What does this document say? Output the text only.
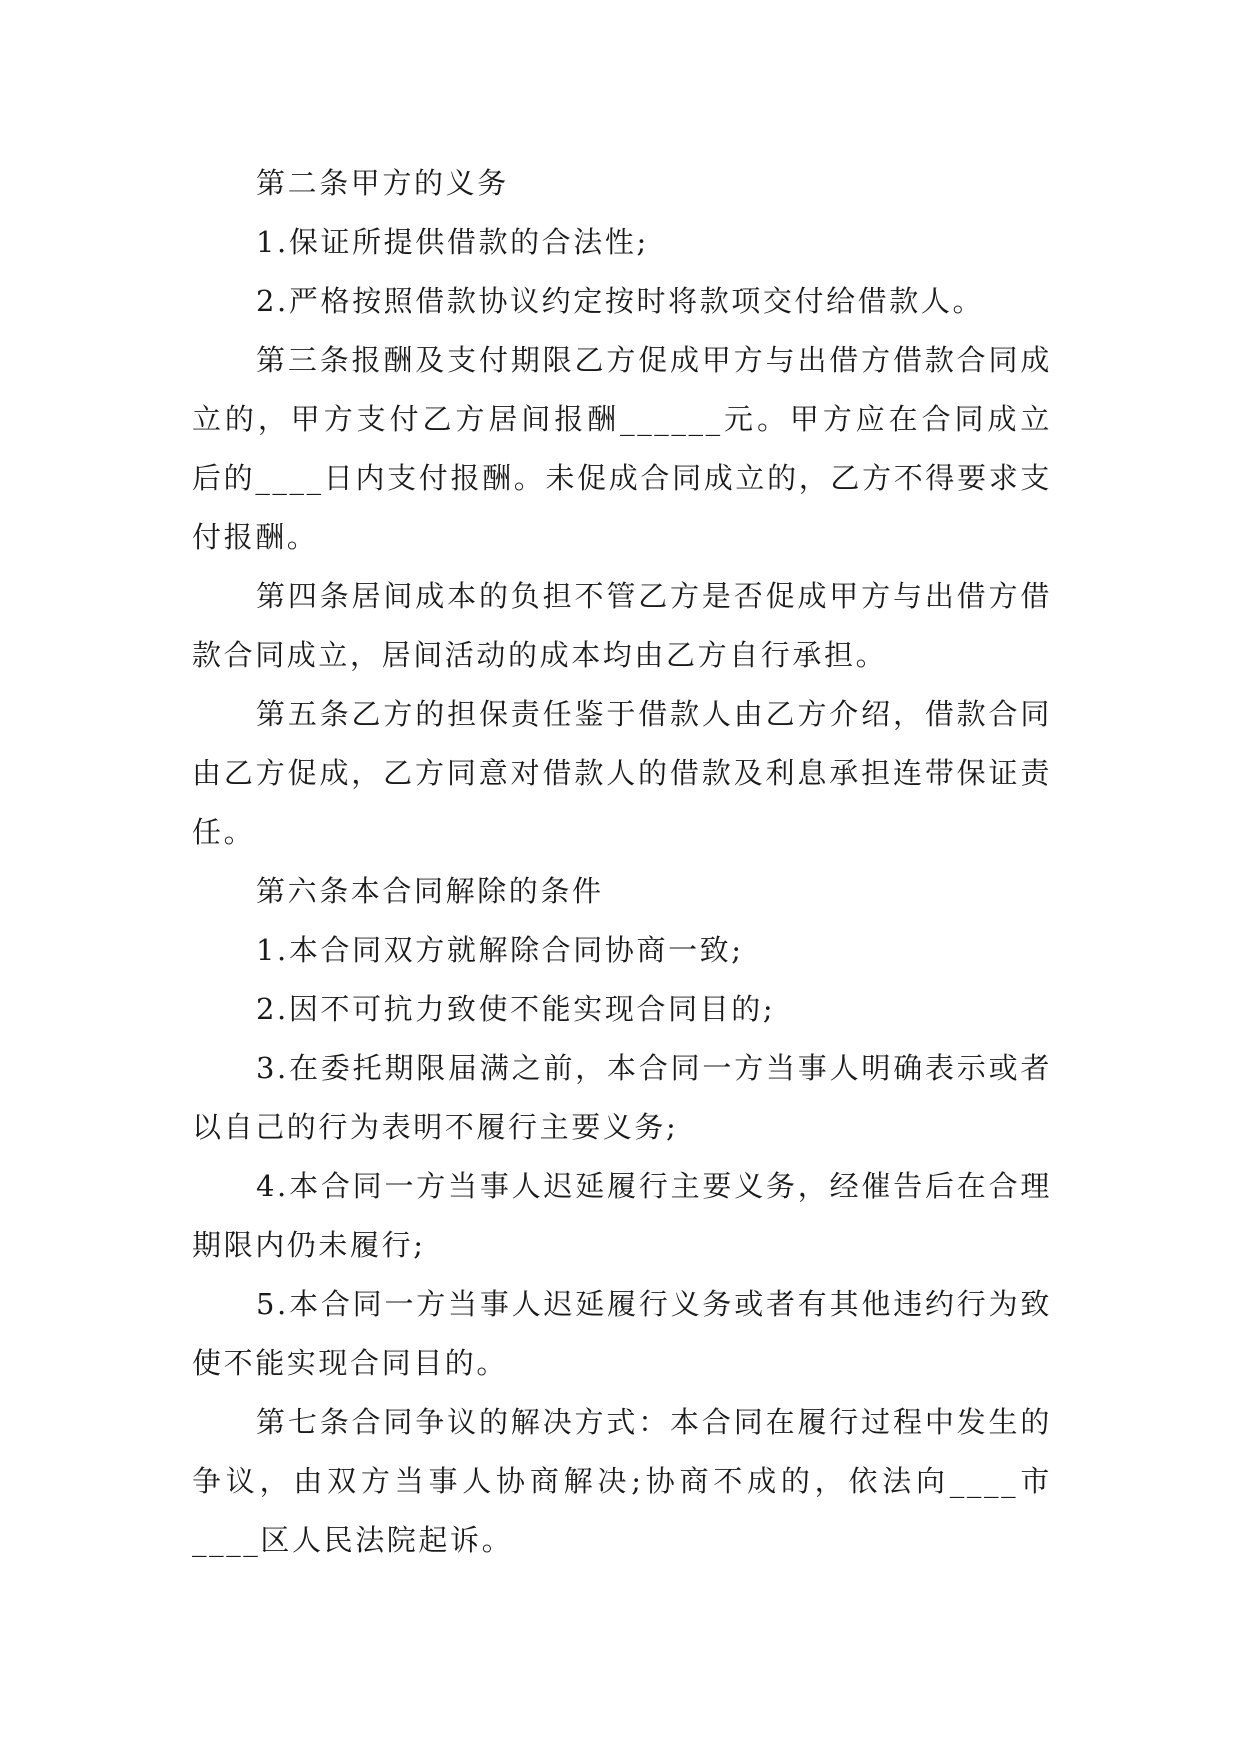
第二条甲方的义务

1.保证所提供借款的合法性;

2.严格按照借款协议约定按时将款项交付给借款人。

第三条报酬及支付期限乙方促成甲方与出借方借款合同成立的，甲方支付乙方居间报酬______元。甲方应在合同成立后的____日内支付报酬。未促成合同成立的，乙方不得要求支付报酬。

第四条居间成本的负担不管乙方是否促成甲方与出借方借款合同成立，居间活动的成本均由乙方自行承担。

第五条乙方的担保责任鉴于借款人由乙方介绍，借款合同由乙方促成，乙方同意对借款人的借款及利息承担连带保证责任。

第六条本合同解除的条件

1.本合同双方就解除合同协商一致;

2.因不可抗力致使不能实现合同目的;

3.在委托期限届满之前，本合同一方当事人明确表示或者以自己的行为表明不履行主要义务;

4.本合同一方当事人迟延履行主要义务，经催告后在合理期限内仍未履行;

5.本合同一方当事人迟延履行义务或者有其他违约行为致使不能实现合同目的。

第七条合同争议的解决方式：本合同在履行过程中发生的争议，由双方当事人协商解决;协商不成的，依法向____市____区人民法院起诉。
